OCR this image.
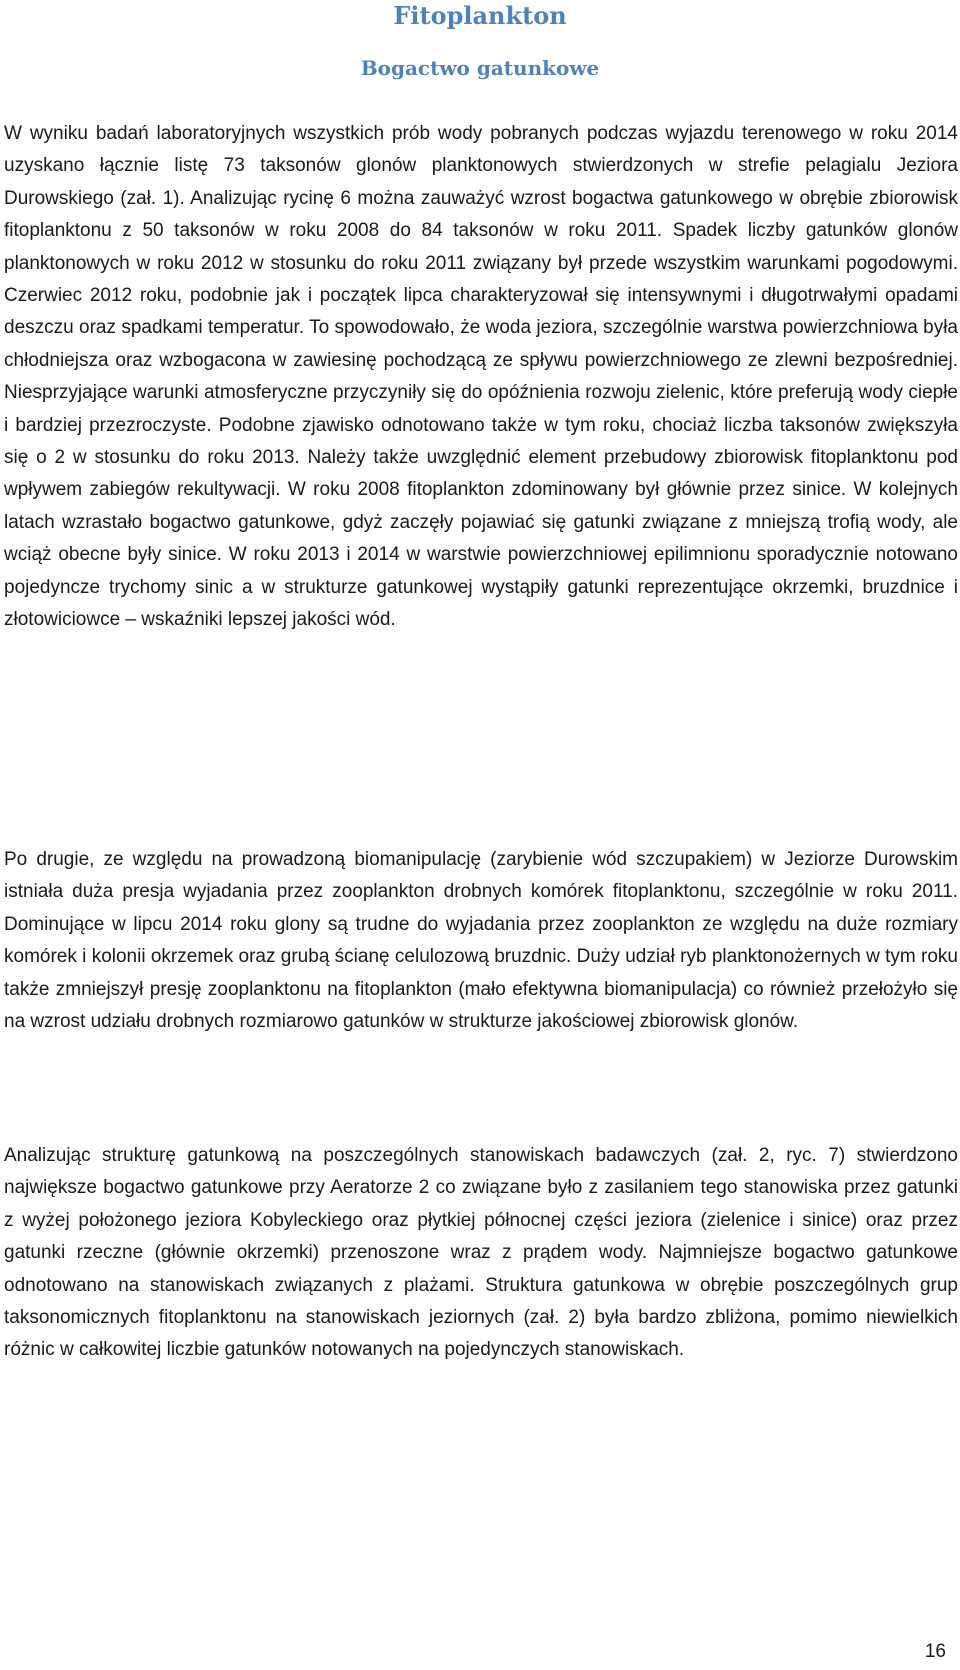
Fitoplankton
Bogactwo gatunkowe

W wyniku badań laboratoryjnych wszystkich prób wody pobranych podczas wyjazdu terenowego w roku 2014 uzyskano łącznie listę 73 taksonów glonów planktonowych stwierdzonych w strefie pelagialu Jeziora Durowskiego (zał. 1). Analizując rycinę 6 można zauważyć wzrost bogactwa gatunkowego w obrębie zbiorowisk fitoplanktonu z 50 taksonów w roku 2008 do 84 taksonów w roku 2011. Spadek liczby gatunków glonów planktonowych w roku 2012 w stosunku do roku 2011 związany był przede wszystkim warunkami pogodowymi. Czerwiec 2012 roku, podobnie jak i początek lipca charakteryzował się intensywnymi i długotrwałymi opadami deszczu oraz spadkami temperatur. To spowodowało, że woda jeziora, szczególnie warstwa powierzchniowa była chłodniejsza oraz wzbogacona w zawiesinę pochodzącą ze spływu powierzchniowego ze zlewni bezpośredniej. Niesprzyjające warunki atmosferyczne przyczyniły się do opóźnienia rozwoju zielenic, które preferują wody ciepłe i bardziej przezroczyste. Podobne zjawisko odnotowano także w tym roku, chociaż liczba taksonów zwiększyła się o 2 w stosunku do roku 2013. Należy także uwzględnić element przebudowy zbiorowisk fitoplanktonu pod wpływem zabiegów rekultywacji. W roku 2008 fitoplankton zdominowany był głównie przez sinice. W kolejnych latach wzrastało bogactwo gatunkowe, gdyż zaczęły pojawiać się gatunki związane z mniejszą trofią wody, ale wciąż obecne były sinice. W roku 2013 i 2014 w warstwie powierzchniowej epilimnionu sporadycznie notowano pojedyncze trychomy sinic a w strukturze gatunkowej wystąpiły gatunki reprezentujące okrzemki, bruzdnice i złotowiciowce – wskaźniki lepszej jakości wód.

Po drugie, ze względu na prowadzoną biomanipulację (zarybienie wód szczupakiem) w Jeziorze Durowskim istniała duża presja wyjadania przez zooplankton drobnych komórek fitoplanktonu, szczególnie w roku 2011. Dominujące w lipcu 2014 roku glony są trudne do wyjadania przez zooplankton ze względu na duże rozmiary komórek i kolonii okrzemek oraz grubą ścianę celulozową bruzdnic. Duży udział ryb planktonożernych w tym roku także zmniejszył presję zooplanktonu na fitoplankton (mało efektywna biomanipulacja) co również przełożyło się na wzrost udziału drobnych rozmiarowo gatunków w strukturze jakościowej zbiorowisk glonów.

Analizując strukturę gatunkową na poszczególnych stanowiskach badawczych (zał. 2, ryc. 7) stwierdzono największe bogactwo gatunkowe przy Aeratorze 2 co związane było z zasilaniem tego stanowiska przez gatunki z wyżej położonego jeziora Kobyleckiego oraz płytkiej północnej części jeziora (zielenice i sinice) oraz przez gatunki rzeczne (głównie okrzemki) przenoszone wraz z prądem wody. Najmniejsze bogactwo gatunkowe odnotowano na stanowiskach związanych z plażami. Struktura gatunkowa w obrębie poszczególnych grup taksonomicznych fitoplanktonu na stanowiskach jeziornych (zał. 2) była bardzo zbliżona, pomimo niewielkich różnic w całkowitej liczbie gatunków notowanych na pojedynczych stanowiskach.

16
